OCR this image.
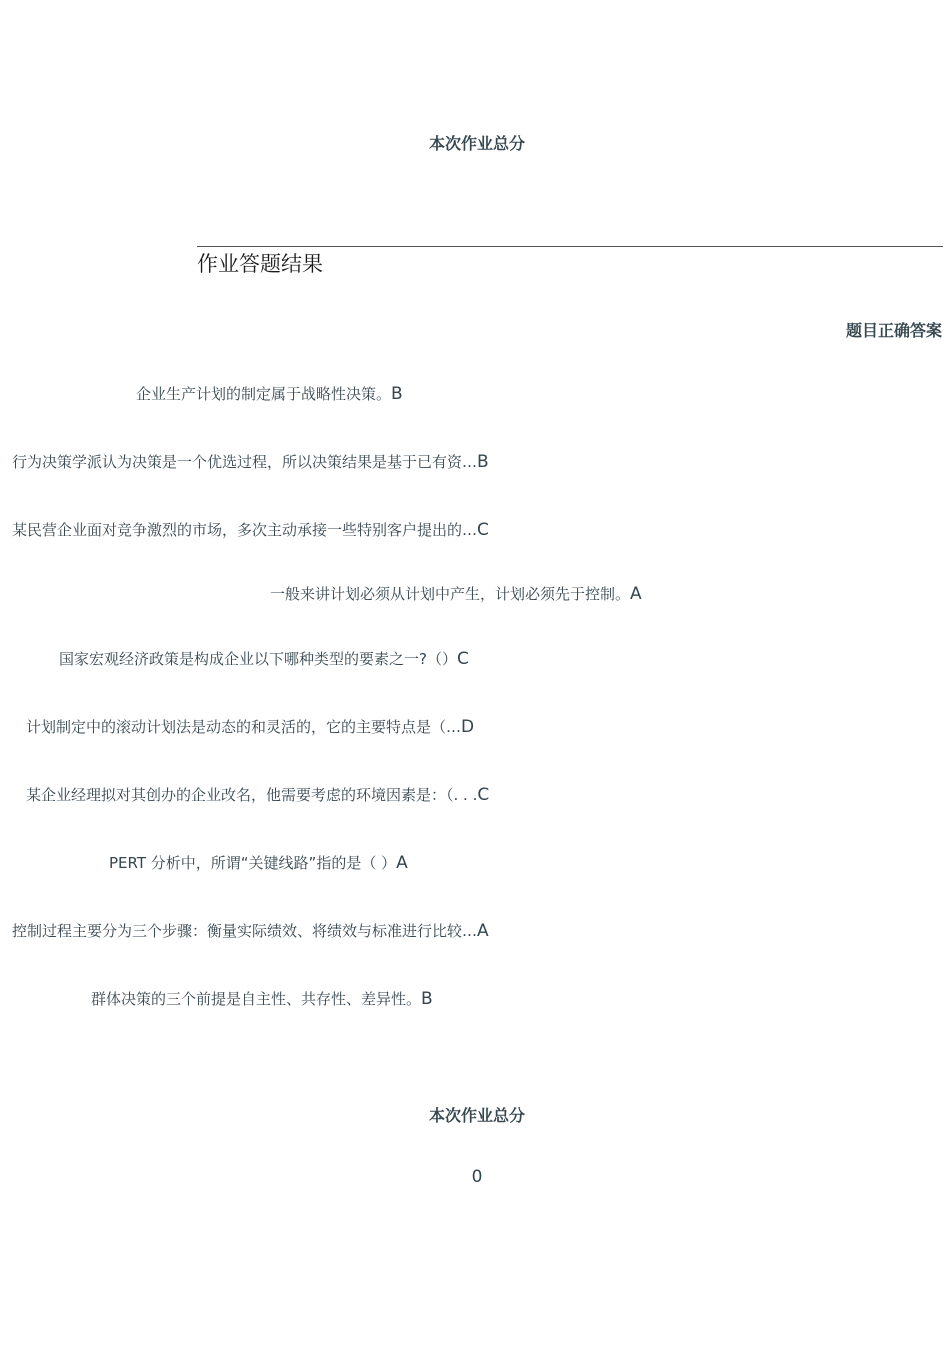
本次作业总分
作业答题结果
题目正确答案
企业生产计划的制定属于战略性决策。B
行为决策学派认为决策是一个优选过程，所以决策结果是基于已有资…B
某民营企业面对竞争激烈的市场，多次主动承接一些特别客户提出的…C
一般来讲计划必须从计划中产生，计划必须先于控制。A
国家宏观经济政策是构成企业以下哪种类型的要素之一?（）C
计划制定中的滚动计划法是动态的和灵活的，它的主要特点是（…D
某企业经理拟对其创办的企业改名，他需要考虑的环境因素是：（. . .C
PERT 分析中，所谓“关键线路”指的是（ ）A
控制过程主要分为三个步骤：衡量实际绩效、将绩效与标准进行比较…A
群体决策的三个前提是自主性、共存性、差异性。B
本次作业总分
0
